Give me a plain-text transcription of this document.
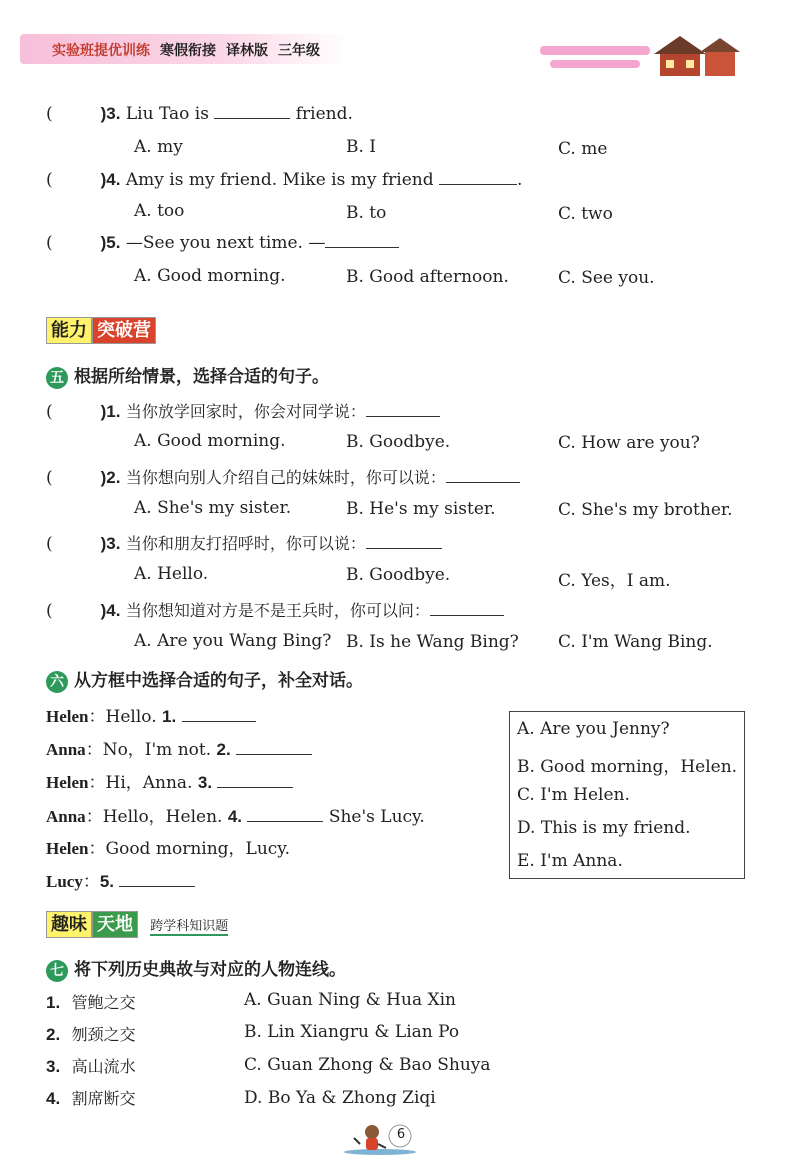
实验班提优训练 寒假衔接 译林版 三年级
(	)3. Liu Tao is	friend.
A. my	B. I	C. me
(	)4. Amy is my friend. Mike is my friend	.
A. too	B. to	C. two
(	)5. —See you next time. —
A. Good morning.	B. Good afternoon.	C. See you.
能力 突破营
五 根据所给情景，选择合适的句子。
(	)1. 当你放学回家时，你会对同学说：
A. Good morning.	B. Goodbye.	C. How are you?
(	)2. 当你想向别人介绍自己的妹妹时，你可以说：
A. She's my sister.	B. He's my sister.	C. She's my brother.
(	)3. 当你和朋友打招呼时，你可以说：
A. Hello.	B. Goodbye.	C. Yes，I am.
(	)4. 当你想知道对方是不是王兵时，你可以问：
A. Are you Wang Bing? B. Is he Wang Bing? C. I'm Wang Bing.
六 从方框中选择合适的句子，补全对话。
Helen：Hello. 1.
Anna：No，I'm not. 2.
Helen：Hi，Anna. 3.
Anna：Hello，Helen. 4.	She's Lucy.
Helen：Good morning，Lucy.
Lucy：5.
A. Are you Jenny?
B. Good morning，Helen.
C. I'm Helen.
D. This is my friend.
E. I'm Anna.
趣味 天地 跨学科知识题
七 将下列历史典故与对应的人物连线。
1. 管鲍之交
2. 刎颈之交
3. 高山流水
4. 割席断交
A. Guan Ning & Hua Xin
B. Lin Xiangru & Lian Po
C. Guan Zhong & Bao Shuya
D. Bo Ya & Zhong Ziqi
6
